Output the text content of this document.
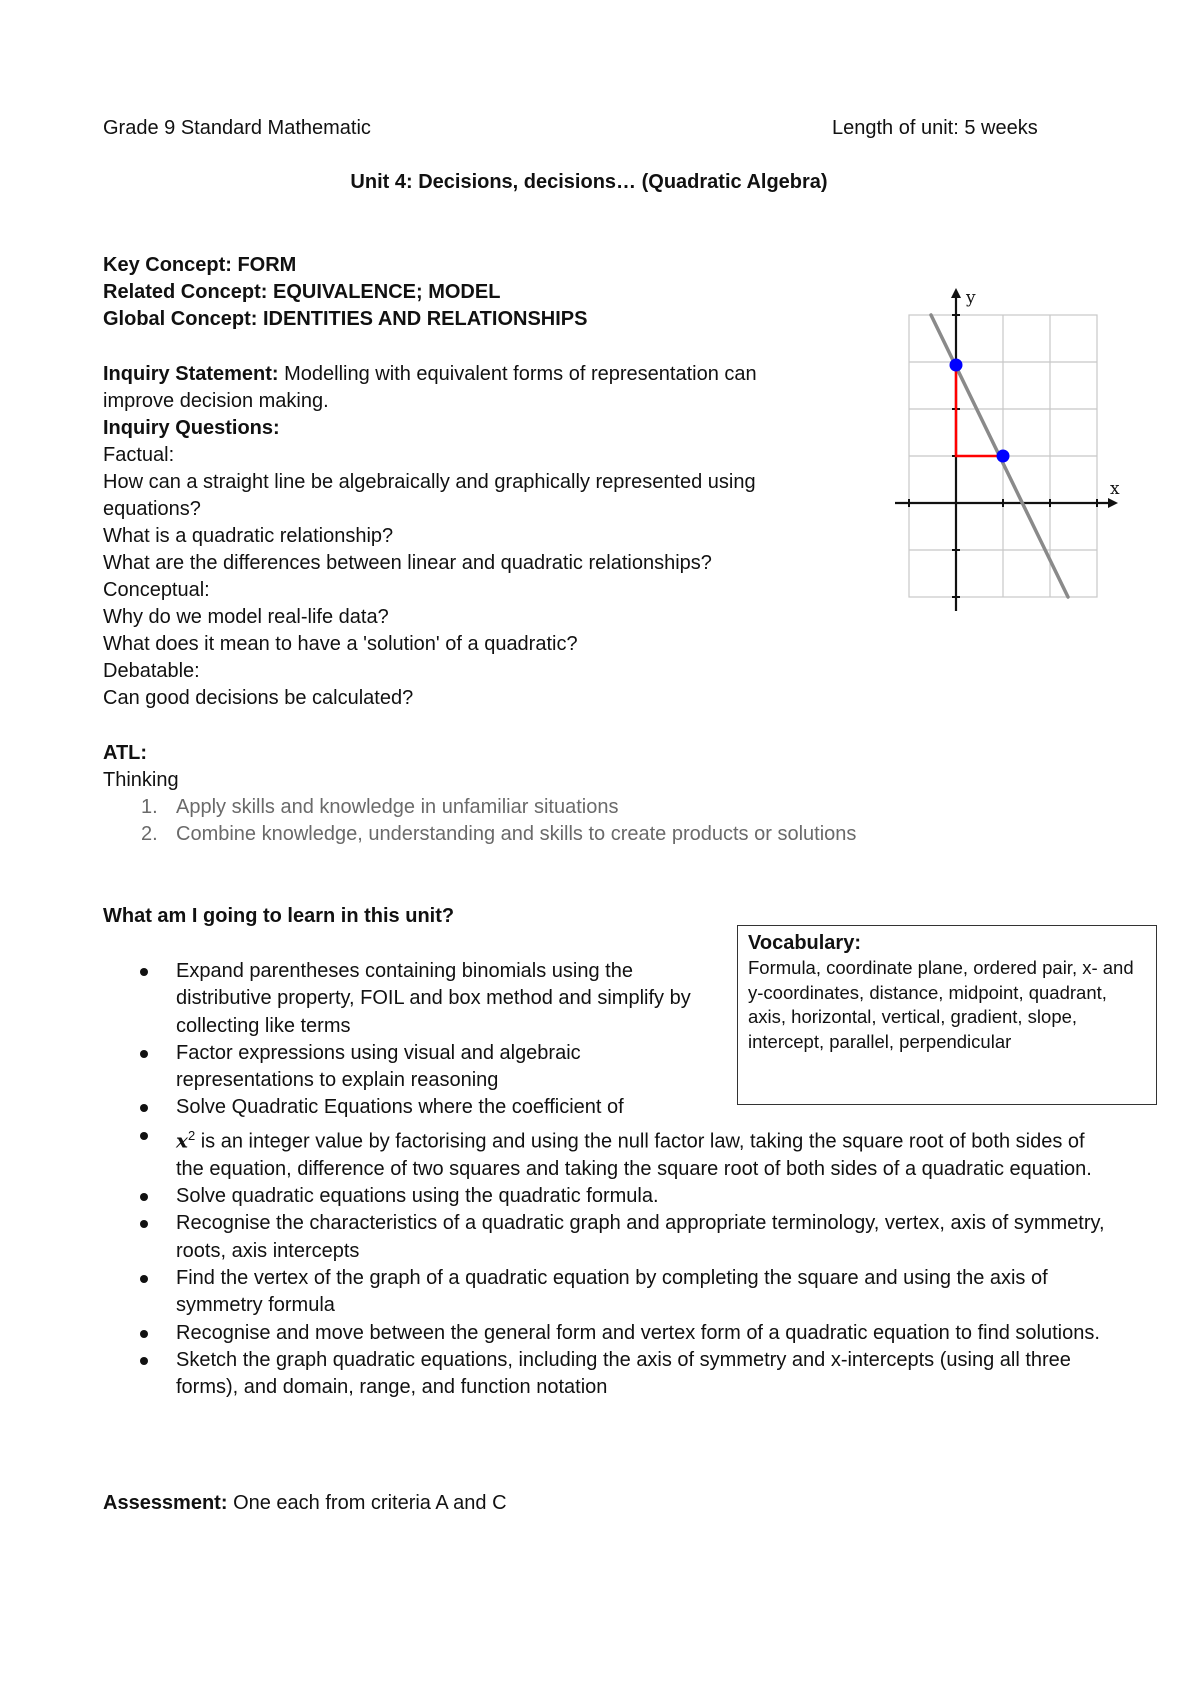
Grade 9 Standard Mathematic	Length of unit: 5 weeks
Unit 4: Decisions, decisions… (Quadratic Algebra)
Key Concept: FORM
Related Concept: EQUIVALENCE; MODEL
Global Concept: IDENTITIES AND RELATIONSHIPS
Inquiry Statement: Modelling with equivalent forms of representation can
improve decision making.
Inquiry Questions:
Factual:
How can a straight line be algebraically and graphically represented using
equations?
What is a quadratic relationship?
What are the differences between linear and quadratic relationships?
Conceptual:
Why do we model real-life data?
What does it mean to have a 'solution' of a quadratic?
Debatable:
Can good decisions be calculated?
x
y
ATL:
Thinking
1. Apply skills and knowledge in unfamiliar situations
2. Combine knowledge, understanding and skills to create products or solutions
What am I going to learn in this unit?
Expand parentheses containing binomials using the distributive property, FOIL and box method and simplify by collecting like terms
Factor expressions using visual and algebraic representations to explain reasoning
Solve Quadratic Equations where the coefficient of
$x^2$ is an integer value by factorising and using the null factor law, taking the square root of both sides of the equation, difference of two squares and taking the square root of both sides of a quadratic equation.
Solve quadratic equations using the quadratic formula.
Recognise the characteristics of a quadratic graph and appropriate terminology, vertex, axis of symmetry, roots, axis intercepts
Find the vertex of the graph of a quadratic equation by completing the square and using the axis of symmetry formula
Recognise and move between the general form and vertex form of a quadratic equation to find solutions.
Sketch the graph quadratic equations, including the axis of symmetry and x-intercepts (using all three forms), and domain, range, and function notation
Vocabulary:
Formula, coordinate plane, ordered pair, x- and y-coordinates, distance, midpoint, quadrant, axis, horizontal, vertical, gradient, slope, intercept, parallel, perpendicular
Assessment: One each from criteria A and C
